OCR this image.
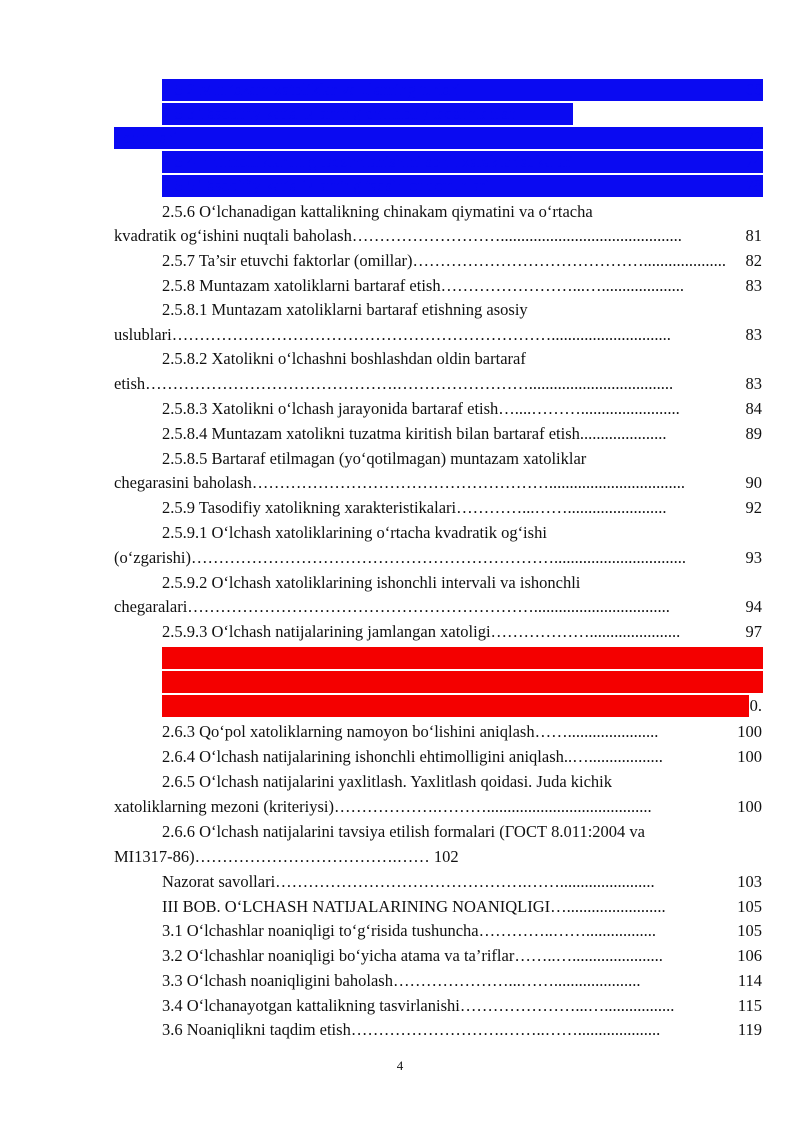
2.5.2 Muntazam xatoliklar va ularning turlari	66
2.5.3 Tasodifiy kattaliklarning ehtimoliy taqsimlanish
qonunlari	72
2.5.4 Ehtimolliklarning taqsimlanishini sonli xarakteristikalari	74
2.5.5 Tasodifiy kattaliklarning taqsimot qonunlari	78
2.5.6 O‘lchanadigan kattalikning chinakam qiymatini va o‘rtacha
kvadratik og‘ishini nuqtali baholash………………………............................................	81
2.5.7 Ta’sir etuvchi faktorlar (omillar)…………………………………….................... 82
2.5.8 Muntazam xatoliklarni bartaraf etish……………………...…....................	83
2.5.8.1 Muntazam xatoliklarni bartaraf etishning asosiy
uslublari…………………………………………………………….............................	83
2.5.8.2 Xatolikni o‘lchashni boshlashdan oldin bartaraf
etish……………………………………….……………………...................................	83
2.5.8.3 Xatolikni o‘lchash jarayonida bartaraf etish…....………........................	84
2.5.8.4 Muntazam xatolikni tuzatma kiritish bilan bartaraf etish.....................	89
2.5.8.5 Bartaraf etilmagan (yo‘qotilmagan) muntazam xatoliklar
chegarasini baholash……………………………………………….................................	90
2.5.9 Tasodifiy xatolikning xarakteristikalari…………...……........................	92
2.5.9.1 O‘lchash xatoliklarining o‘rtacha kvadratik og‘ishi
(o‘zgarishi)…………………………………………………………................................	93
2.5.9.2 O‘lchash xatoliklarining ishonchli intervali va ishonchli
chegaralari……………………………………………………….................................	94
2.5.9.3 O‘lchash natijalarining jamlangan xatoligi………………......................	97
2.6 O‘lchash natijalarini qayta ishlash	98
2.6.1 Bir marotaba o‘lchash natijalarini qayta ishlash	98
2.6.2 Ko‘p marotaba o‘lchash natijalarini qayta ishlash……...…................99	0.
2.6.3 Qo‘pol xatoliklarning namoyon bo‘lishini aniqlash……......................	100
2.6.4 O‘lchash natijalarining ishonchli ehtimolligini aniqlash..…..................	100
2.6.5 O‘lchash natijalarini yaxlitlash. Yaxlitlash qoidasi. Juda kichik
xatoliklarning mezoni (kriteriysi)……………….………........................................	100
2.6.6 O‘lchash natijalarini tavsiya etilish formalari (ГОСТ 8.011:2004 va
MI1317-86)……………………………….…… 102
Nazorat savollari……………………………………….…….......................	103
III BOB. O‘LCHASH NATIJALARINING NOANIQLIGI…........................	105
3.1 O‘lchashlar noaniqligi to‘g‘risida tushuncha…………..…….................	105
3.2 O‘lchashlar noaniqligi bo‘yicha atama va ta’riflar……..…......................	106
3.3 O‘lchash noaniqligini baholash…………………...…….....................	114
3.4 O‘lchanayotgan kattalikning tasvirlanishi…………………...….................	115
3.6 Noaniqlikni taqdim etish……………………….……..……....................	119
4
